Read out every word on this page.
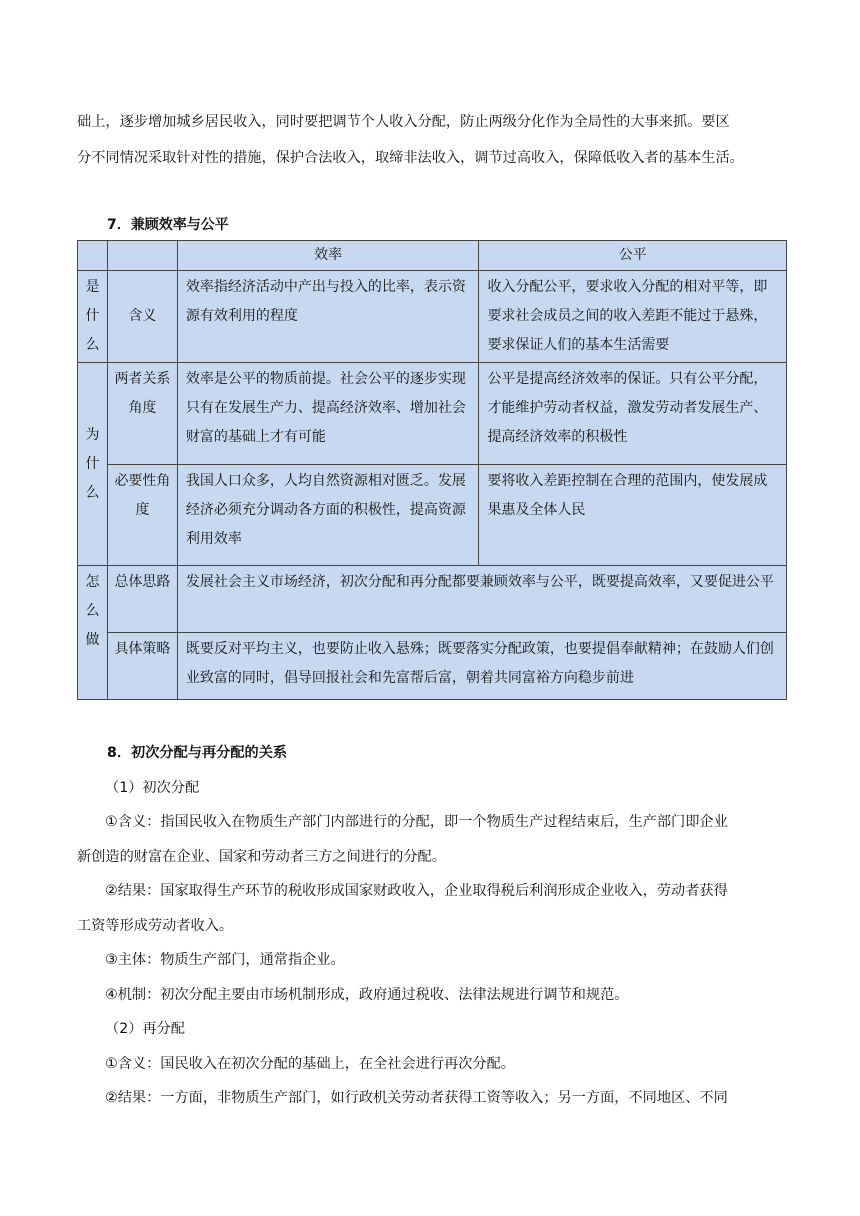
础上，逐步增加城乡居民收入，同时要把调节个人收入分配，防止两级分化作为全局性的大事来抓。要区
分不同情况采取针对性的措施，保护合法收入，取缔非法收入，调节过高收入，保障低收入者的基本生活。
7．兼顾效率与公平
		效率	公平
是什么	含义	效率指经济活动中产出与投入的比率，表示资源有效利用的程度	收入分配公平，要求收入分配的相对平等，即要求社会成员之间的收入差距不能过于悬殊，要求保证人们的基本生活需要
为什么	两者关系角度	效率是公平的物质前提。社会公平的逐步实现只有在发展生产力、提高经济效率、增加社会财富的基础上才有可能	公平是提高经济效率的保证。只有公平分配，才能维护劳动者权益，激发劳动者发展生产、提高经济效率的积极性
	必要性角度	我国人口众多，人均自然资源相对匮乏。发展经济必须充分调动各方面的积极性，提高资源利用效率	要将收入差距控制在合理的范围内，使发展成果惠及全体人民
怎么做	总体思路	发展社会主义市场经济，初次分配和再分配都要兼顾效率与公平，既要提高效率，又要促进公平	
	具体策略	既要反对平均主义，也要防止收入悬殊；既要落实分配政策，也要提倡奉献精神；在鼓励人们创业致富的同时，倡导回报社会和先富帮后富，朝着共同富裕方向稳步前进	
8．初次分配与再分配的关系
（1）初次分配
①含义：指国民收入在物质生产部门内部进行的分配，即一个物质生产过程结束后，生产部门即企业
新创造的财富在企业、国家和劳动者三方之间进行的分配。
②结果：国家取得生产环节的税收形成国家财政收入，企业取得税后利润形成企业收入，劳动者获得
工资等形成劳动者收入。
③主体：物质生产部门，通常指企业。
④机制：初次分配主要由市场机制形成，政府通过税收、法律法规进行调节和规范。
（2）再分配
①含义：国民收入在初次分配的基础上，在全社会进行再次分配。
②结果：一方面，非物质生产部门，如行政机关劳动者获得工资等收入；另一方面，不同地区、不同
